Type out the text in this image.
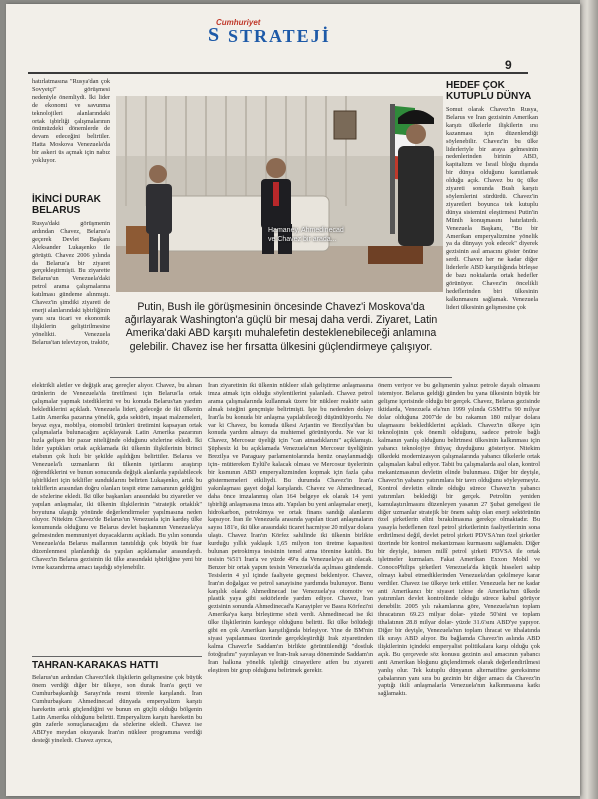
S
Cumhuriyet
STRATEJİ
9

hatırlatmasına "Rusya'dan çok Sovyetçi" görüşmesi nedeniyle önemliydi. İki lider de ekonomi ve savunma teknolojileri alanlarındaki ortak işbirliği çalışmalarının önümüzdeki dönemlerde de devam edeceğini belirtiler. Hatta Moskova Venezuela'da bir askeri üs açmak için nabız yokluyor.

İKİNCİ DURAK BELARUS

Rusya'daki görüşmenin ardından Chavez, Belarus'a geçerek Devlet Başkanı Aleksander Lukaşenko ile görüştü. Chavez 2006 yılında da Belarus'a bir ziyaret gerçekleştirmişti. Bu ziyarette Belarus'un Venezuela'daki petrol arama çalışmalarına katılması gündeme alınmıştı. Chavez'in şimdiki ziyareti de enerji alanlarındaki işbirliğinin yanı sıra ticari ve ekonomik ilişkilerin geliştirilmesine yönelikti. Venezuela Belarus'tan televizyon, traktör,

Hamaney, Ahmedinecad
ve Chavez bir arada...
Putin, Bush ile görüşmesinin öncesinde Chavez'i Moskova'da ağırlayarak Washington'a güçlü bir mesaj daha verdi. Ziyaret, Latin Amerika'daki ABD karşıtı muhalefetin desteklenebileceği anlamına gelebilir. Chavez ise her fırsatta ülkesini güçlendirmeye çalışıyor.

elektrikli aletler ve değişik araç gereçler alıyor. Chavez, bu alınan ürünlerin de Venezuela'da üretilmesi için Belarus'la ortak çalışmalar yapmak istediklerini ve bu konuda Belarus'tan yardım beklediklerini açıkladı. Venezuela lideri, geleceğe de iki ülkenin Latin Amerika pazarına yönelik, gıda sektörü, inşaat malzemeleri, beyaz eşya, mobilya, otomobil ürünleri üretimini kapsayan ortak çalışmalarla bulunacağını açıklayarak Latin Amerika pazarının hızla gelişen bir pazar niteliğinde olduğunu sözlerine ekledi. İki lider yaptıkları ortak açıklamada iki ülkenin ilişkilerinin birinci etabının çok hızlı bir şekilde aşıldığını belirttiler. Belarus ve Venezuela'lı uzmanların iki ülkenin işirtlarını araştırıp öğrendiklerini ve bunun sonucunda değişik alanlarda yapılabilecek işbirlikleri için teklifler sunduklarını belirten Lukaşenko, artık bu tekliflerin arasından doğru olanları tespit etme zamanının geldiğini de sözlerine ekledi. İki ülke başkanları arasındaki bu ziyaretler ve yapılan anlaşmalar, iki ülkenin ilişkilerinin "stratejik ortaklık" boyutuna ulaştığı yönünde değerlendirmeler yapılmasına neden oluyor. Nitekim Chavez'de Belarus'un Venezuela için kardeş ülke konumunda olduğunu ve Belarus devlet başkanının Venezuela'ya gelmesinden memnuniyet duyacaklarını açıkladı. Bu yılın sonunda Venezuela'da Belarus mallarının tanıtıldığı çok büyük bir fuar düzenlenmesi planlandığı da yapılan açıklamalar arasındaydı. Chavez'in Belarus gezisinin iki ülke arasındaki işbirliğine yeni bir ivme kazandırma amacı taşıdığı söylenebilir.

TAHRAN-KARAKAS HATTI

Belarus'un ardından Chavez'ilek ilişkilerin gelişmesine çok büyük önem verdiği diğer bir ülkeye, son durak İran'a geçti ve Cumhurbaşkanlığı Sarayı'nda resmi törenle karşılandı. İran Cumhurbaşkanı Ahmedinecad dünyada emperyalizm karşıtı hareketin artık güçlendiğini ve bunun en güçlü olduğu bölgenin Latin Amerika olduğunu belirtti. Emperyalizm karşıtı hareketin bu gün zaferle sonuçlanacağını da sözlerine ekledi. Chavez ise ABD'ye meydan okuyarak İran'ın nükleer programına verdiği desteği yineledi. Chavez ayrıca,

İran ziyaretinin iki ülkenin nükleer silah geliştirme anlaşmasına imza atmak için olduğu söylentilerini yalanladı. Chavez petrol arama çalışmalarında kullanmak üzere bir nükleer reaktör satın almak isteğini gençmişte belirtmişti. İşte bu nedenden dolayı İran'la bu konuda bir anlaşma yapılabileceği düşünülüyordu. Ne var ki Chavez, bu konuda ülkesi Arjantin ve Brezilya'dan bu konuda yardım almayı da muhtemel görünüyordu. Ne var ki Chavez, Mercosur üyeliği için "can atmadıklarını" açıklamıştı. Şüphesiz ki bu açıklamada Venezuela'nın Mercosur üyeliğinin Brezilya ve Paraguay parlamentolarında henüz onaylanmadığı için- müttereken Eylül'e kalacak olması ve Mercosur üyelerinin bir kısmının ABD emperyalizminden kopmak için fazla çaba göstermemeleri etkiliydi. Bu durumda Chavez'in İran'a yakınlaşması gayet doğal karşılandı. Chavez ve Ahmedinecad, daha önce imzalanmış olan 164 belgeye ek olarak 14 yeni işbirliği anlaşmasına imza attı. Yapılan bu yeni anlaşmalar enerji, hidrokarbon, petrokimya ve ortak finans sandığı alanlarını kapsıyor. İran ile Venezuela arasında yapılan ticari anlaşmaların sayısı 181'e, iki ülke arasındaki ticaret hacmiyse 20 milyar dolara ulaştı. Chavez İran'ın Körfez sahilinde iki ülkenin birlikte kurduğu yıllık yaklaşık 1,65 milyon ton üretme kapasitesi bulunan petrokimya tesisinin temel atma törenine katıldı. Bu tesisin %51'i İran'a ve yüzde 49'u da Venezuela'ya ait olacak. Benzer bir ortak yapım tesisin Venezuela'da açılması gündemde. Tesislerin 4 yıl içinde faaliyete geçmesi bekleniyor. Chavez, İran'ın doğalgaz ve petrol sanayisine yardımda bulunuyor. Bunu karşılık olarak Ahmedinecad ise Venezuela'ya otomotiv ve plastik yaya gibi sektörlerde yardım ediyor. Chavez, İran gezisinin sonunda Ahmedinecad'a Karayipler ve Basra Körfezi'ni Amerika'ya karşı birleştirme sözü verdi. Ahmedinecad ise iki ülke ilişkilerinin kardeşçe olduğunu belirtti. İki ülke bölüdeği gibi en çok Amerikan karşıtlığında birleşiyor. Yine de BM'nin siyasi yapılanması üzerinde gerçekleştirdiği Irak ziyaretinden kalma Chavez'le Saddam'ın birlikte görüntülendiği "dostluk fotoğrafını" yayınlayan ve İran-Irak savaşı döneminde Saddam'ın İran halkına yönelik işlediği cinayetlere atfen bu ziyareti eleştiren bir grup olduğunu belirtmek gerekir.

önem veriyor ve bu gelişmenin yalnız petrole dayalı olmasını istemiyor. Belarus geldiği günden bu yana ülkesinin büyük bir gelişme içerisinde olduğu bir gerçek. Chavez, Belarus gezisinde iktidarda, Venezuela ela'nın 1999 yılında GSMH'sı 90 milyar dolar olduğuna 2007'de de bu rakamın 180 milyar dolara ulaşmasını beklediklerini açıkladı. Chavez'in ülkeye için teknolojinin çok önemli olduğunu, sadece petrole bağlı kalmanın yanlış olduğunu belirtmesi ülkesinin kalkınması için yabancı teknolojiye ihtiyaç duyduğunu gösteriyor. Nitekim ülkedeki modernizasyon çalışmalarında yabancı ülkelerle ortak çalışmaları kabul ediyor. Tabii bu çalışmalarda asıl olan, kontrol mekanizmasının devletin elinde bulunması. Diğer bir deyişle, Chavez'in yabancı yatırımlara bir tavrı olduğunu söyleyemeyiz. Kontrol devletin elinde olduğu sürece Chavez'in yabancı yatırımları beklediği bir gerçek. Petrolün yeniden kamulaştırılmasını düzenleyen yasanın 27 Şubat genelgesi ile diğer uzmanlar stratejik bir önem sahip olan enerji sektörünün özel şirketlerin elini bırakılmasına gerekçe olmaktadır. Bu yasayla hedeflenen özel petrol şirketlerinin faaliyetlerinin sona erdirilmesi değil, devlet petrol şirketi PDVSA'nın özel şirketler üzerinde bir kontrol mekanizması kurmasını sağlamaktı. Diğer bir deyişle, istenen millî petrol şirketi PDVSA ile ortak işletmeler kurmaları. Fakat Amerikan Exxon Mobil ve ConocoPhilips şirketleri Venezuela'da küçük hisseleri sahip olmayı kabul etmediklerinden Venezuela'dan çekilmeye karar verdiler. Chavez ise ülkeye terk ettiler. Venezuela her ne kadar anti Amerikancı bir siyaset izlese de Amerika'nın ülkede yatırımları devlet kontrolünde olduğu sürece kabul görüyor denebilir. 2005 yılı rakamlarına göre, Venezuela'nın toplam ihracatının 69.23 milyar dolar- yüzde 50'sini ve toplam ithalatının 28.8 milyar dolar- yüzde 31.6'sını ABD'ye yapıyor. Diğer bir deyişle, Venezuela'nın toplam ihracat ve ithalatında ilk sırayı ABD alıyor. Bu bağlamda Chavez'in aslında ABD ilişkilerinin içindeki emperyalist politikalara karşı olduğu çok açık. Bu çerçevede söz konusu gezinin asıl amacının yabancı anti Amerikan bloğunu güçlendirmek olarak değerlendirilmesi yanlış olur. Tek kutuplu dünyanın alternatifine gereksinme çabalarının yanı sıra bu gezinin bir diğer amacı da Chavez'in yaptığı ikili anlaşmalarla Venezuela'nın kalkınmasına katkı sağlamaktı.

HEDEF ÇOK KUTUPLU DÜNYA

Somut olarak Chavez'in Rusya, Belarus ve İran gezisinin Amerikan karşıtı ülkelerle ilişkilerin ırsı kazanması için düzenlendiği söylenebilir. Chavez'in bu ülke liderleriyle bir araya gelmesinin nedenlerinden birinin ABD, kapitalizm ve İsrail bloğu dışında bir dünya olduğunu kanıtlamak olduğu açık. Chavez bu üç ülke ziyareti sonunda Bush karşıtı söylemlerini sürdürdü. Chavez'in ziyaretleri boyunca tek kutuplu dünya sistemini eleştirmesi Putin'in Münih konuşmasını hatırlatırdı. Venezuela Başkanı, "Bu bir Amerikan emperyalizmine yönelik ya da dünyayı yok edecek" diyerek gezisinin asıl amacını göster önüne serdi. Chavez her ne kadar diğer liderlerle ABD karşıtlığında birleşse de bazı noktalarda ortak hedefler görünüyor. Chavez'in öncelikli hedeflerinden biri ülkesinin kalkınmasını sağlamak. Venezuela lideri ülkesinin gelişmesine çok
